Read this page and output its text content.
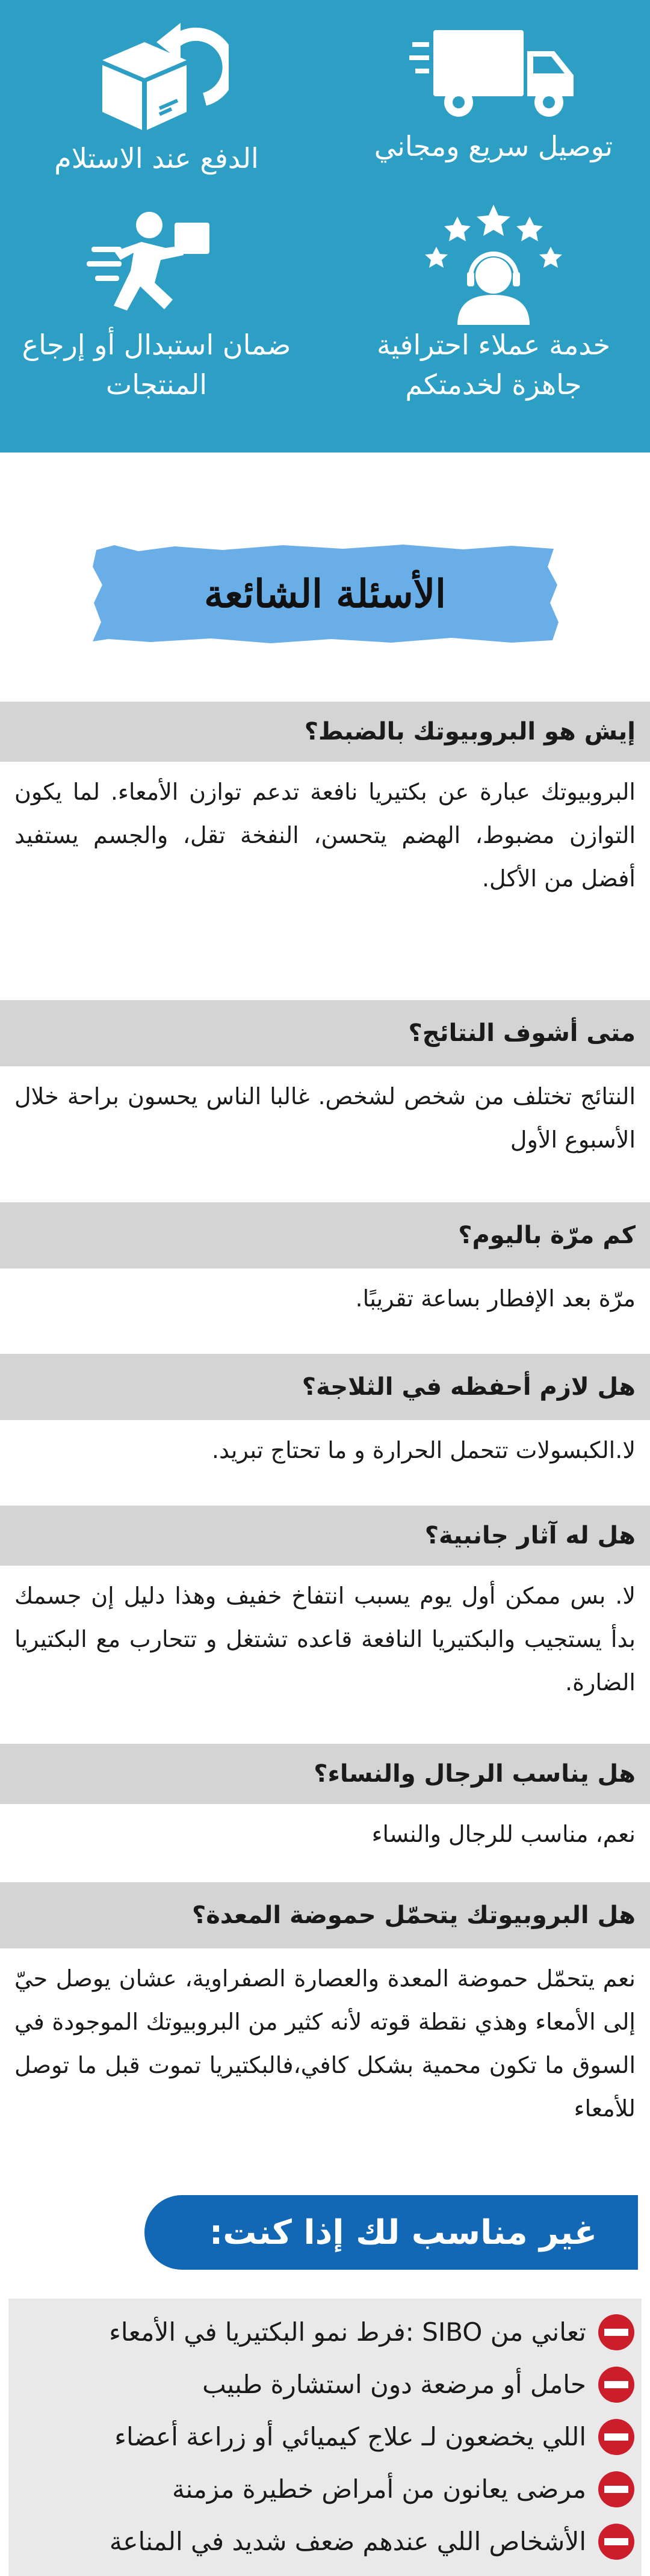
توصيل سريع ومجاني
الدفع عند الاستلام
خدمة عملاء احترافية
جاهزة لخدمتكم
ضمان استبدال أو إرجاع
المنتجات
الأسئلة الشائعة
إيش هو البروبيوتك بالضبط؟
البروبيوتك عبارة عن بكتيريا نافعة تدعم توازن الأمعاء. لما يكون التوازن مضبوط، الهضم يتحسن، النفخة تقل، والجسم يستفيد أفضل من الأكل.
متى أشوف النتائج؟
النتائج تختلف من شخص لشخص. غالبا الناس يحسون براحة خلال الأسبوع الأول
كم مرّة باليوم؟
مرّة بعد الإفطار بساعة تقريبًا.
هل لازم أحفظه في الثلاجة؟
لا.الكبسولات تتحمل الحرارة و ما تحتاج تبريد.
هل له آثار جانبية؟
لا. بس ممكن أول يوم يسبب انتفاخ خفيف وهذا دليل إن جسمك بدأ يستجيب والبكتيريا النافعة قاعده تشتغل و تتحارب مع البكتيريا الضارة.
هل يناسب الرجال والنساء؟
نعم، مناسب للرجال والنساء
هل البروبيوتك يتحمّل حموضة المعدة؟
نعم يتحمّل حموضة المعدة والعصارة الصفراوية، عشان يوصل حيّ إلى الأمعاء وهذي نقطة قوته لأنه كثير من البروبيوتك الموجودة في السوق ما تكون محمية بشكل كافي،فالبكتيريا تموت قبل ما توصل للأمعاء
غير مناسب لك إذا كنت:
تعاني من SIBO :فرط نمو البكتيريا في الأمعاء
حامل أو مرضعة دون استشارة طبيب
اللي يخضعون لـ علاج كيميائي أو زراعة أعضاء
مرضى يعانون من أمراض خطيرة مزمنة
الأشخاص اللي عندهم ضعف شديد في المناعة
